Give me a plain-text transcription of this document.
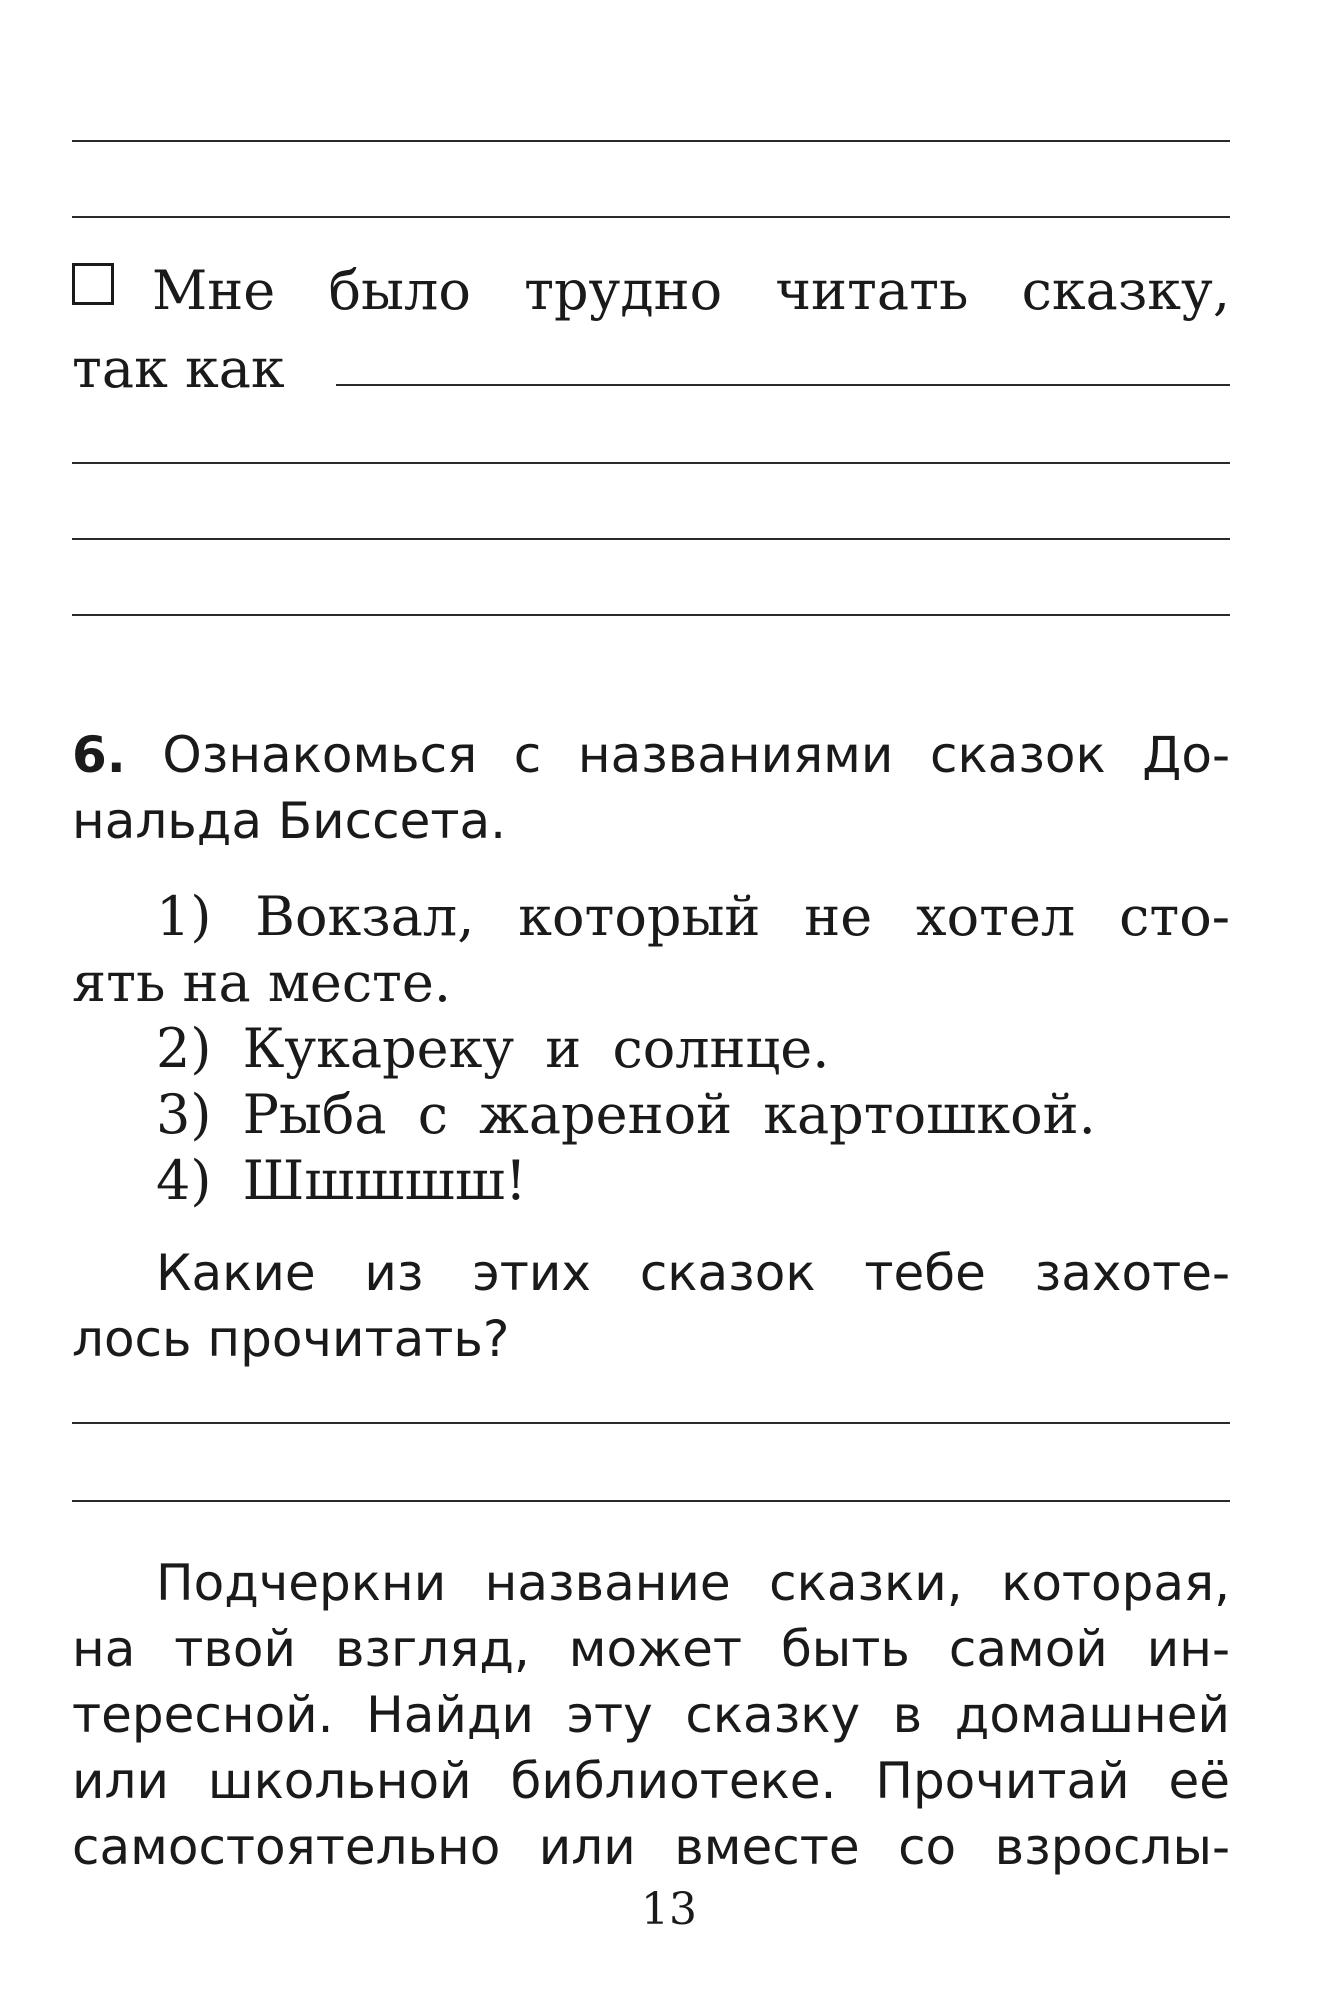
Мне было трудно читать сказку,
так как
6. Ознакомься с названиями сказок До-
нальда Биссета.
1) Вокзал, который не хотел сто-
ять на месте.
2) Кукареку и солнце.
3) Рыба с жареной картошкой.
4) Шшшшш!
Какие из этих сказок тебе захоте-
лось прочитать?
Подчеркни название сказки, которая,
на твой взгляд, может быть самой ин-
тересной. Найди эту сказку в домашней
или школьной библиотеке. Прочитай её
самостоятельно или вместе со взрослы-
13
